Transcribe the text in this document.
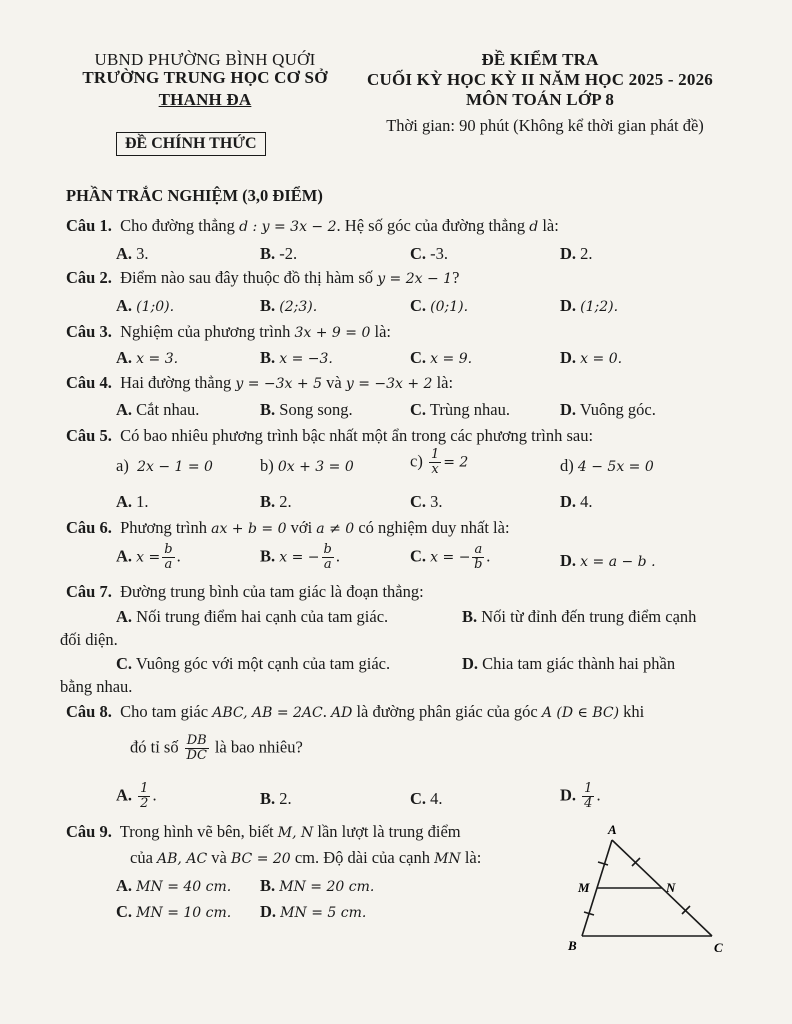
UBND PHƯỜNG BÌNH QUỚI
TRƯỜNG TRUNG HỌC CƠ SỞ
THANH ĐA
ĐỀ CHÍNH THỨC
ĐỀ KIỂM TRA
CUỐI KỲ HỌC KỲ II NĂM HỌC 2025 - 2026
MÔN TOÁN LỚP 8
Thời gian: 90 phút (Không kể thời gian phát đề)
PHẦN TRẮC NGHIỆM (3,0 ĐIỂM)
Câu 1. Cho đường thẳng d : y = 3x − 2. Hệ số góc của đường thẳng d là:
A. 3.	B. -2.	C. -3.	D. 2.
Câu 2. Điểm nào sau đây thuộc đồ thị hàm số y = 2x − 1?
A. (1;0).	B. (2;3).	C. (0;1).	D. (1;2).
Câu 3. Nghiệm của phương trình 3x + 9 = 0 là:
A. x = 3.	B. x = −3.	C. x = 9.	D. x = 0.
Câu 4. Hai đường thẳng y = −3x + 5 và y = −3x + 2 là:
A. Cắt nhau.	B. Song song.	C. Trùng nhau.	D. Vuông góc.
Câu 5. Có bao nhiêu phương trình bậc nhất một ẩn trong các phương trình sau:
a) 2x − 1 = 0	b) 0x + 3 = 0	$c) \frac{1}{x} = 2$	d) 4 − 5x = 0
A. 1.	B. 2.	C. 3.	D. 4.
Câu 6. Phương trình ax + b = 0 với a ≠ 0 có nghiệm duy nhất là:
A. $x = \frac{b}{a}$ .	B. x = − $\frac{b}{a}$ .	C. x = − $\frac{a}{b}$ .	D. x = a − b .
Câu 7. Đường trung bình của tam giác là đoạn thẳng:
A. Nối trung điểm hai cạnh của tam giác.	B. Nối từ đỉnh đến trung điểm cạnh
đối diện.
C. Vuông góc với một cạnh của tam giác.	D. Chia tam giác thành hai phần
bằng nhau.
Câu 8. Cho tam giác ABC, AB = 2AC. AD là đường phân giác của góc A (D ∈ BC) khi
đó tỉ số $\frac{DB}{DC}$ là bao nhiêu?
A. $\frac{1}{2}$ .	B. 2.	C. 4.	D. $\frac{1}{4}$ .
Câu 9. Trong hình vẽ bên, biết M, N lần lượt là trung điểm
của AB, AC và BC = 20 cm. Độ dài của cạnh MN là:
A. MN = 40 cm. B. MN = 20 cm.
C. MN = 10 cm. D. MN = 5 cm.
A
B	C
M	N
